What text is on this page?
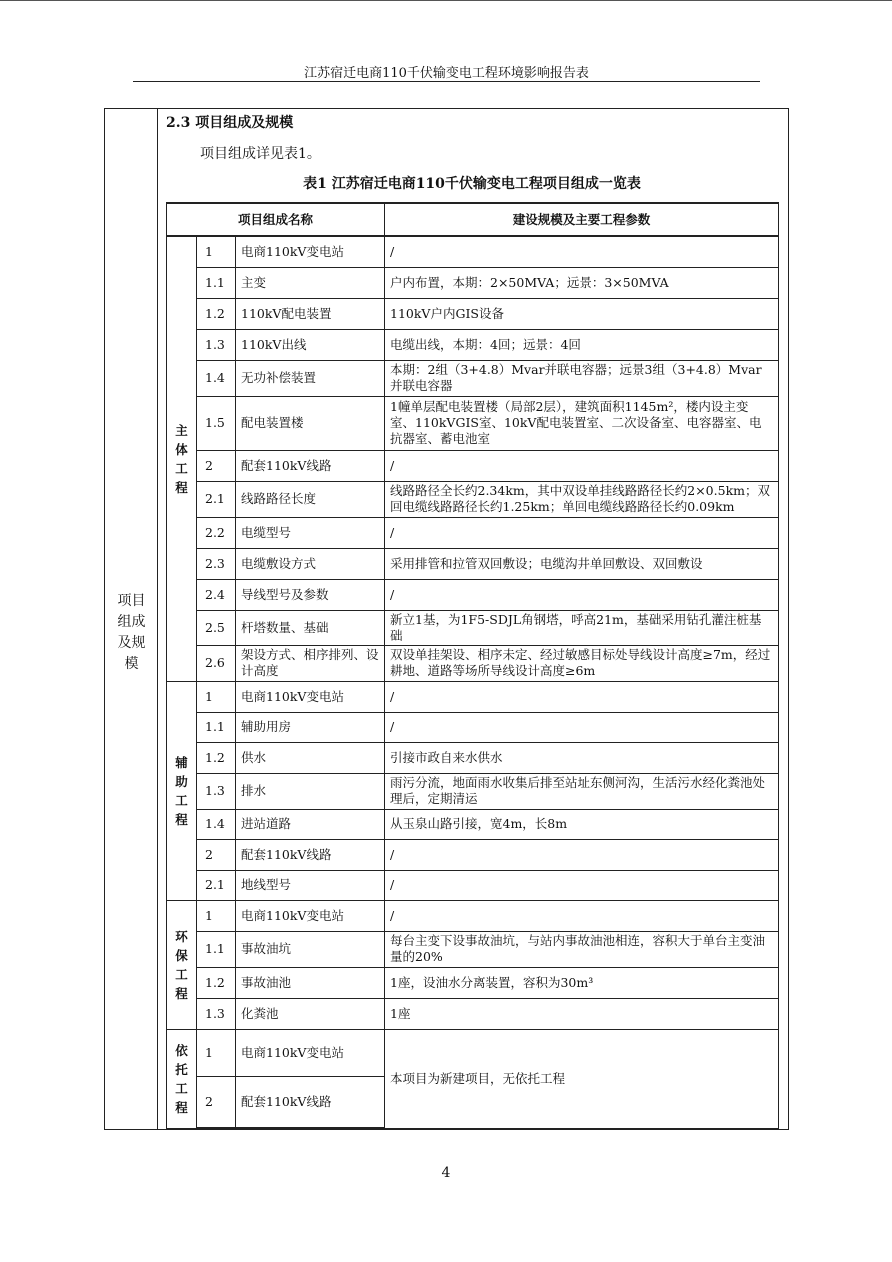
江苏宿迁电商110千伏输变电工程环境影响报告表
项目
组成
及规
模
2.3 项目组成及规模
项目组成详见表1。
表1 江苏宿迁电商110千伏输变电工程项目组成一览表
项目组成名称			建设规模及主要工程参数

主体工程	1	电商110kV变电站	/
	1.1	主变	户内布置，本期：2×50MVA；远景：3×50MVA
	1.2	110kV配电装置	110kV户内GIS设备
	1.3	110kV出线	电缆出线，本期：4回；远景：4回
	1.4	无功补偿装置	本期：2组（3+4.8）Mvar并联电容器；远景3组（3+4.8）Mvar并联电容器
	1.5	配电装置楼	1幢单层配电装置楼（局部2层），建筑面积1145m²，楼内设主变室、110kVGIS室、10kV配电装置室、二次设备室、电容器室、电抗器室、蓄电池室
	2	配套110kV线路	/
	2.1	线路路径长度	线路路径全长约2.34km，其中双设单挂线路路径长约2×0.5km；双回电缆线路路径长约1.25km；单回电缆线路路径长约0.09km
	2.2	电缆型号	/
	2.3	电缆敷设方式	采用排管和拉管双回敷设；电缆沟井单回敷设、双回敷设
	2.4	导线型号及参数	/
	2.5	杆塔数量、基础	新立1基，为1F5-SDJL角钢塔，呼高21m，基础采用钻孔灌注桩基础
	2.6	架设方式、相序排列、设计高度	双设单挂架设、相序未定、经过敏感目标处导线设计高度≥7m，经过耕地、道路等场所导线设计高度≥6m

辅助工程	1	电商110kV变电站	/
	1.1	辅助用房	/
	1.2	供水	引接市政自来水供水
	1.3	排水	雨污分流，地面雨水收集后排至站址东侧河沟，生活污水经化粪池处理后，定期清运
	1.4	进站道路	从玉泉山路引接，宽4m，长8m
	2	配套110kV线路	/
	2.1	地线型号	/

环保工程	1	电商110kV变电站	/
	1.1	事故油坑	每台主变下设事故油坑，与站内事故油池相连，容积大于单台主变油量的20%
	1.2	事故油池	1座，设油水分离装置，容积为30m³
	1.3	化粪池	1座

依托工程	1	电商110kV变电站	本项目为新建项目，无依托工程
	2	配套110kV线路	
4
